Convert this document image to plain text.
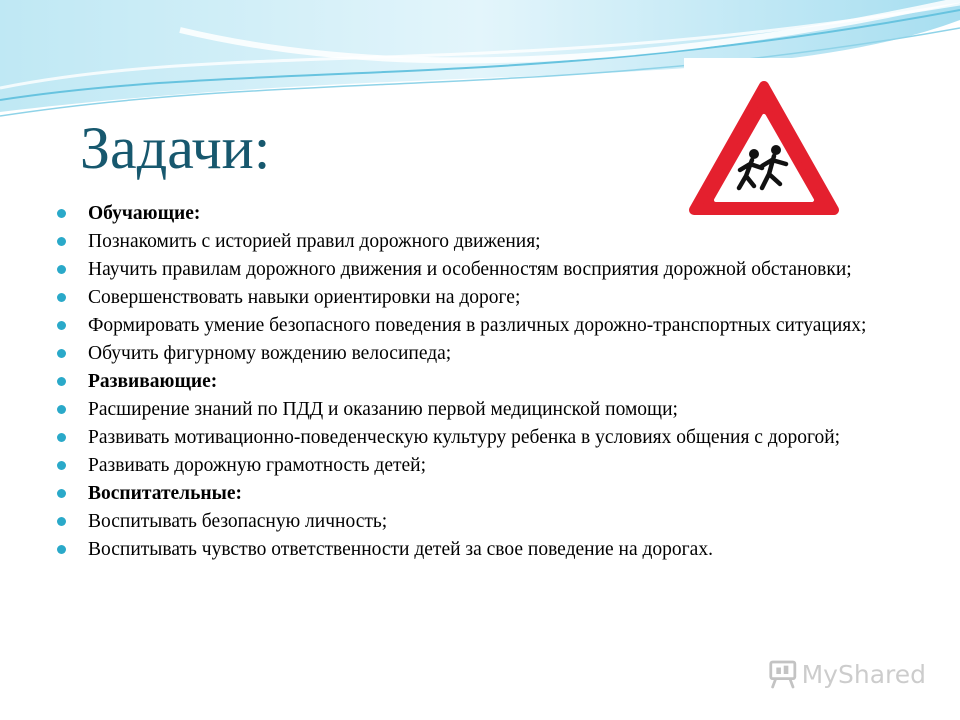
Задачи:
Обучающие:
Познакомить с историей правил дорожного движения;
Научить правилам дорожного движения и особенностям восприятия дорожной обстановки;
Совершенствовать навыки ориентировки на дороге;
Формировать умение безопасного поведения в различных дорожно-транспортных ситуациях;
Обучить фигурному вождению велосипеда;
Развивающие:
Расширение знаний по ПДД и оказанию первой медицинской помощи;
Развивать мотивационно-поведенческую культуру ребенка в условиях общения с дорогой;
Развивать дорожную грамотность детей;
Воспитательные:
Воспитывать безопасную личность;
Воспитывать чувство ответственности детей за свое поведение на дорогах.
MyShared
